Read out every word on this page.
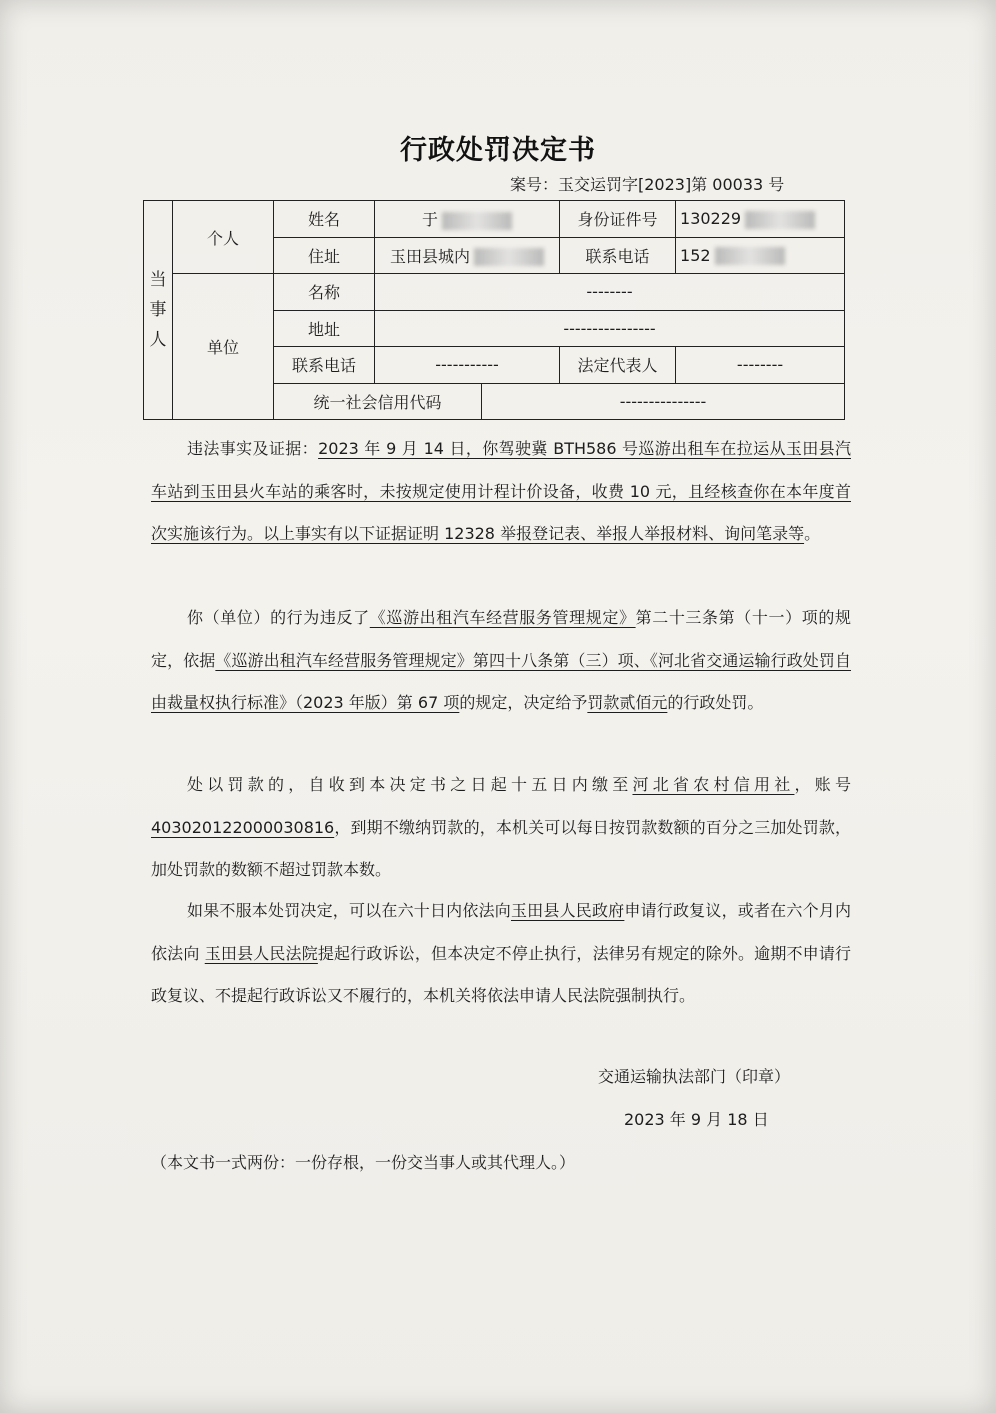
行政处罚决定书
案号：玉交运罚字[2023]第 00033 号
当
事
人	个人	姓名	于		身份证件号	130229
		住址	玉田县城内		联系电话	152
	单位	名称	--------			
		地址	----------------			
		联系电话	-----------		法定代表人	--------
		统一社会信用代码		---------------		

违法事实及证据：2023 年 9 月 14 日，你驾驶冀 BTH586 号巡游出租车在拉运从玉田县汽车站到玉田县火车站的乘客时，未按规定使用计程计价设备，收费 10 元，且经核查你在本年度首次实施该行为。以上事实有以下证据证明 12328 举报登记表、举报人举报材料、询问笔录等。

你（单位）的行为违反了《巡游出租汽车经营服务管理规定》第二十三条第（十一）项的规定，依据《巡游出租汽车经营服务管理规定》第四十八条第（三）项、《河北省交通运输行政处罚自由裁量权执行标准》（2023 年版）第 67 项的规定，决定给予罚款贰佰元的行政处罚。

处以罚款的，自收到本决定书之日起十五日内缴至河北省农村信用社，账号40302012200003081​6，到期不缴纳罚款的，本机关可以每日按罚款数额的百分之三加处罚款，加处罚款的数额不超过罚款本数。

如果不服本处罚决定，可以在六十日内依法向玉田县人民政府申请行政复议，或者在六个月内依法向 玉田县人民法院提起行政诉讼，但本决定不停止执行，法律另有规定的除外。逾期不申请行政复议、不提起行政诉讼又不履行的，本机关将依法申请人民法院强制执行。

交通运输执法部门（印章）
2023 年 9 月 18 日
（本文书一式两份：一份存根，一份交当事人或其代理人。）
